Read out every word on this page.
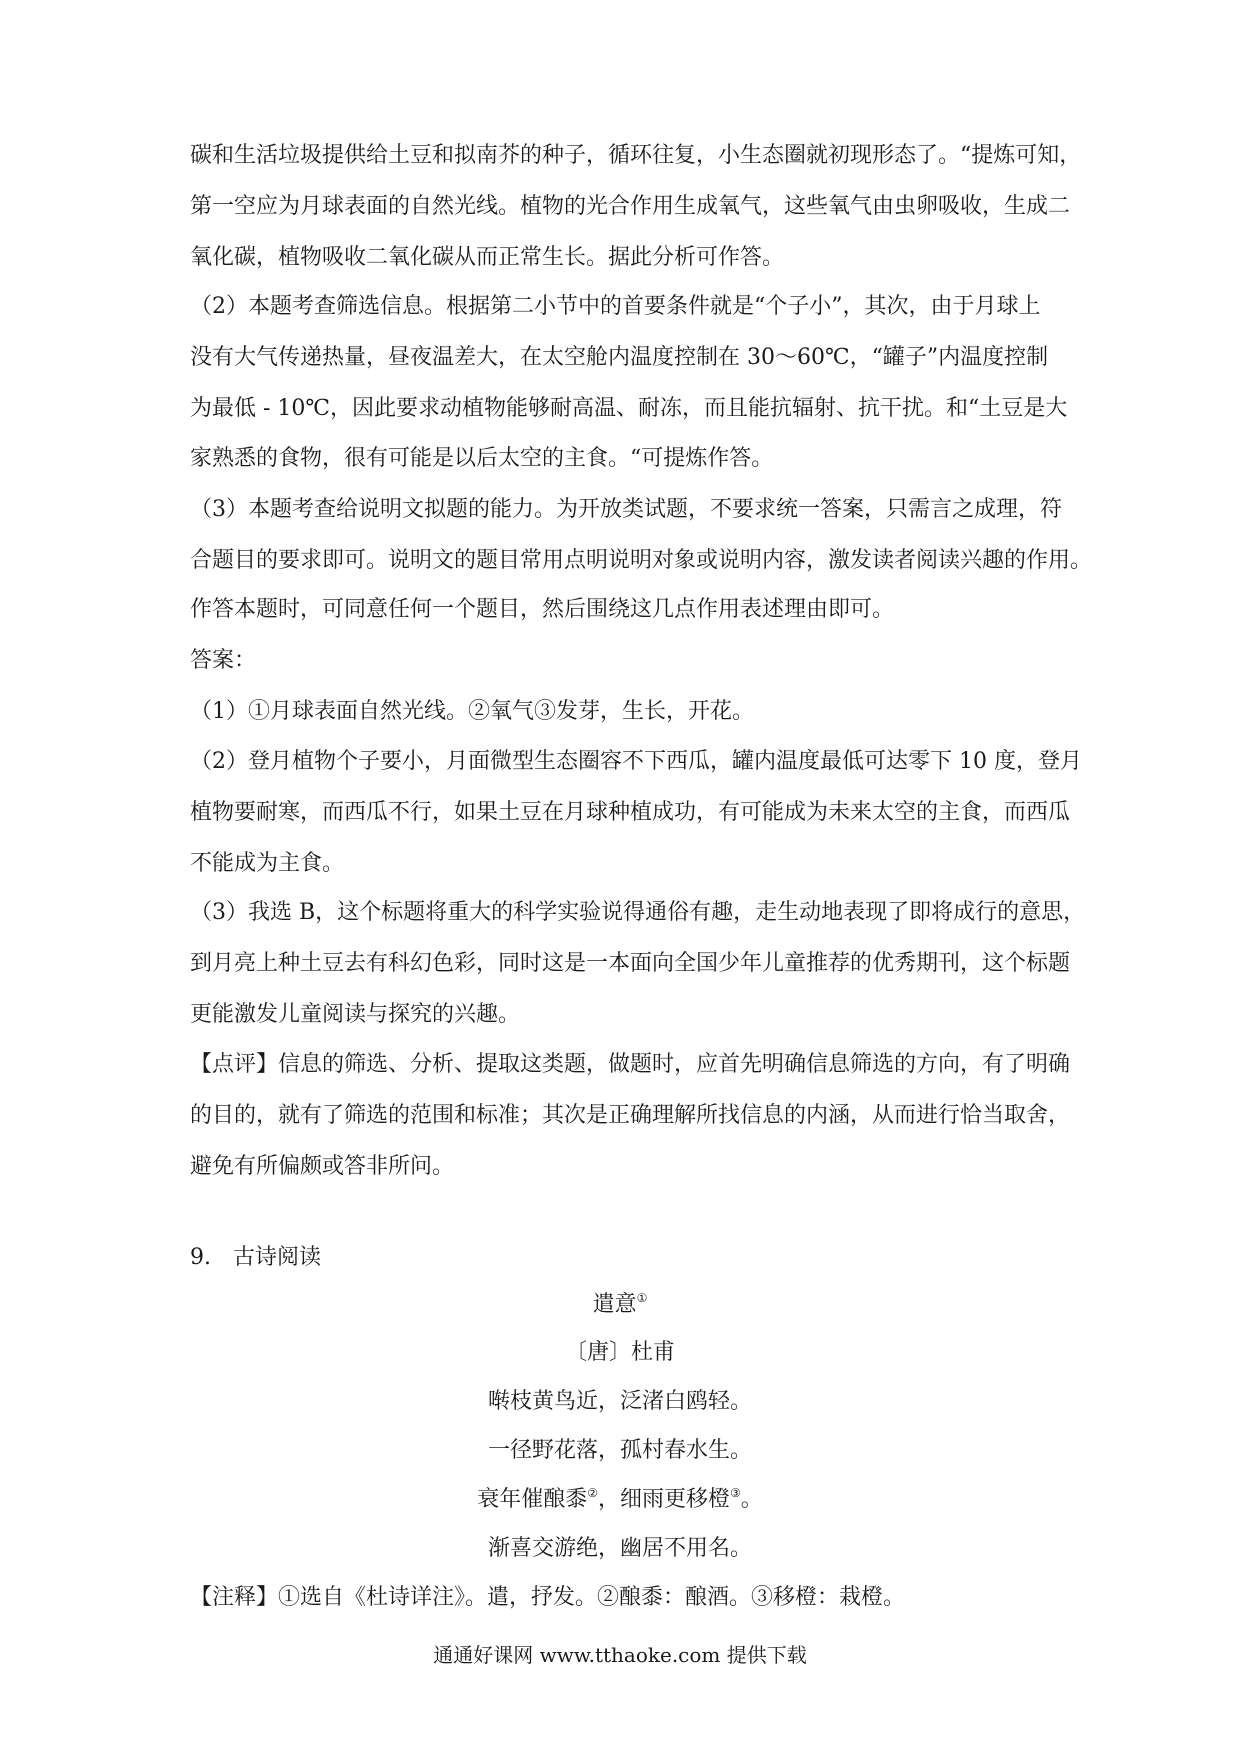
碳和生活垃圾提供给土豆和拟南芥的种子，循环往复，小生态圈就初现形态了。“提炼可知，
第一空应为月球表面的自然光线。植物的光合作用生成氧气，这些氧气由虫卵吸收，生成二
氧化碳，植物吸收二氧化碳从而正常生长。据此分析可作答。
（2）本题考查筛选信息。根据第二小节中的首要条件就是“个子小”，其次，由于月球上
没有大气传递热量，昼夜温差大，在太空舱内温度控制在 30～60℃，“罐子”内温度控制
为最低 - 10℃，因此要求动植物能够耐高温、耐冻，而且能抗辐射、抗干扰。和“土豆是大
家熟悉的食物，很有可能是以后太空的主食。“可提炼作答。
（3）本题考查给说明文拟题的能力。为开放类试题，不要求统一答案，只需言之成理，符
合题目的要求即可。说明文的题目常用点明说明对象或说明内容，激发读者阅读兴趣的作用。
作答本题时，可同意任何一个题目，然后围绕这几点作用表述理由即可。
答案：
（1）①月球表面自然光线。②氧气③发芽，生长，开花。
（2）登月植物个子要小，月面微型生态圈容不下西瓜，罐内温度最低可达零下 10 度，登月
植物要耐寒，而西瓜不行，如果土豆在月球种植成功，有可能成为未来太空的主食，而西瓜
不能成为主食。
（3）我选 B，这个标题将重大的科学实验说得通俗有趣，走生动地表现了即将成行的意思，
到月亮上种土豆去有科幻色彩，同时这是一本面向全国少年儿童推荐的优秀期刊，这个标题
更能激发儿童阅读与探究的兴趣。
【点评】信息的筛选、分析、提取这类题，做题时，应首先明确信息筛选的方向，有了明确
的目的，就有了筛选的范围和标准；其次是正确理解所找信息的内涵，从而进行恰当取舍，
避免有所偏颇或答非所问。
9.　古诗阅读
遣意①
〔唐〕杜甫
啭枝黄鸟近，泛渚白鸥轻。
一径野花落，孤村春水生。
衰年催酿黍②，细雨更移橙③。
渐喜交游绝，幽居不用名。
【注释】①选自《杜诗详注》。遣，抒发。②酿黍：酿酒。③移橙：栽橙。
通通好课网 www.tthaoke.com 提供下载
